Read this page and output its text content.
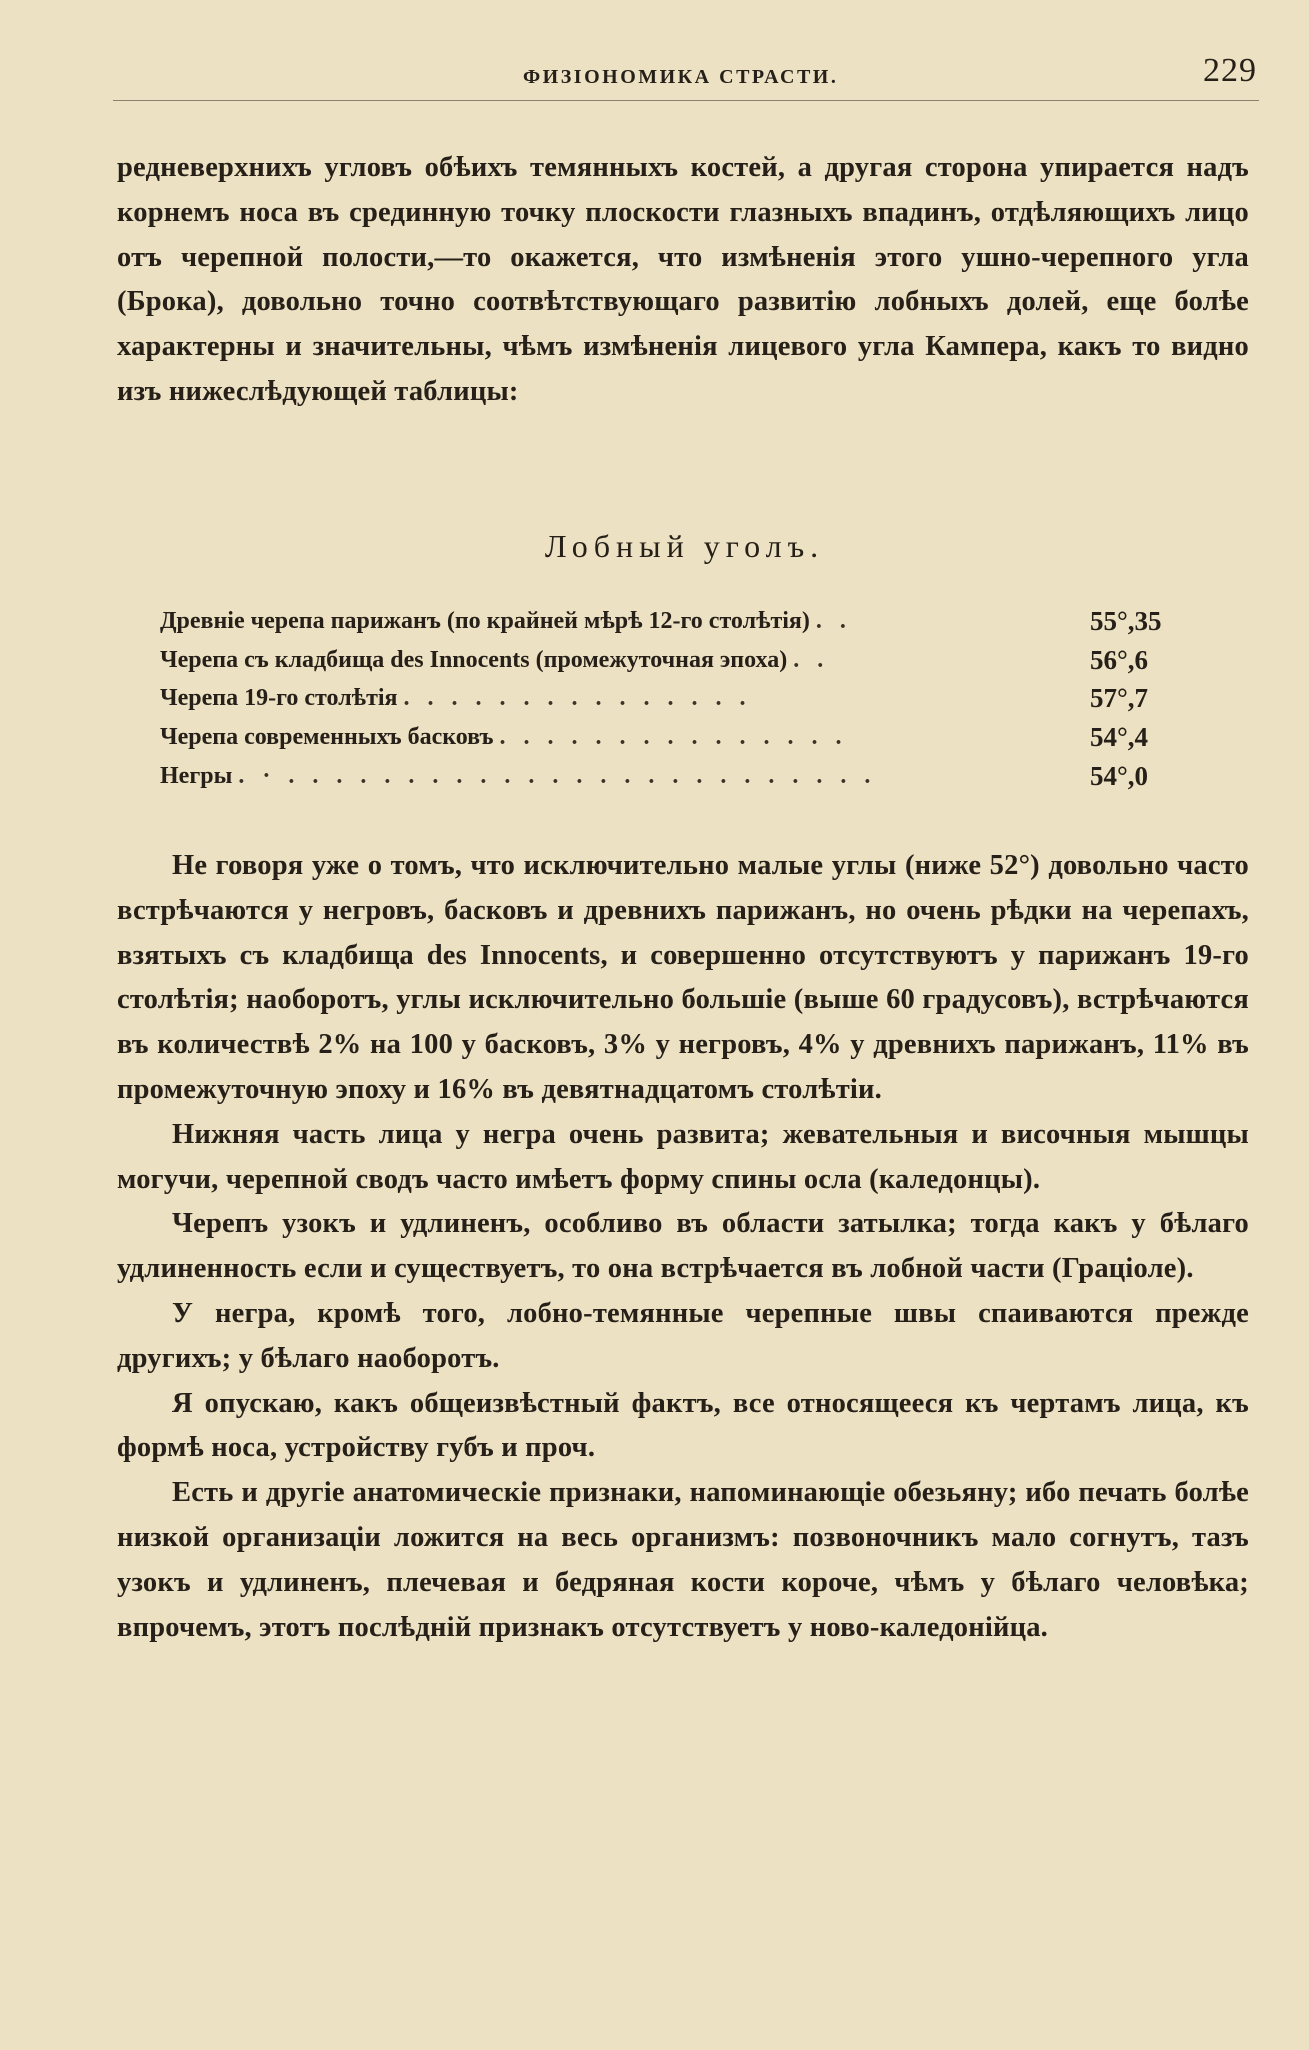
ФИЗІОНОМИКА СТРАСТИ.	229

редневерхнихъ угловъ обѣихъ темянныхъ костей, а другая сторона упирается надъ корнемъ носа въ срединную точку плоскости глазныхъ впадинъ, отдѣляющихъ лицо отъ черепной полости,—то окажется, что измѣненія этого ушно-черепного угла (Брока), довольно точно соотвѣтствующаго развитію лобныхъ долей, еще болѣе характерны и значительны, чѣмъ измѣненія лицевого угла Кампера, какъ то видно изъ нижеслѣдующей таблицы:

Лобный уголъ.
Древніе черепа парижанъ (по крайней мѣрѣ 12-го столѣтія) . .	55°,35
Черепа съ кладбища des Innocents (промежуточная эпоха) . .	56°,6
Черепа 19-го столѣтія . . . . . . . . . . . . . . .	57°,7
Черепа современныхъ басковъ . . . . . . . . . . . . . . .	54°,4
Негры . · . . . . . . . . . . . . . . . . . . . . . . . . .	54°,0

Не говоря уже о томъ, что исключительно малые углы (ниже 52°) довольно часто встрѣчаются у негровъ, басковъ и древнихъ парижанъ, но очень рѣдки на черепахъ, взятыхъ съ кладбища des Innocents, и совершенно отсутствуютъ у парижанъ 19-го столѣтія; наоборотъ, углы исключительно большіе (выше 60 градусовъ), встрѣчаются въ количествѣ 2% на 100 у басковъ, 3% у негровъ, 4% у древнихъ парижанъ, 11% въ промежуточную эпоху и 16% въ девятнадцатомъ столѣтіи.

Нижняя часть лица у негра очень развита; жевательныя и височныя мышцы могучи, черепной сводъ часто имѣетъ форму спины осла (каледонцы).

Черепъ узокъ и удлиненъ, особливо въ области затылка; тогда какъ у бѣлаго удлиненность если и существуетъ, то она встрѣчается въ лобной части (Граціоле).

У негра, кромѣ того, лобно-темянные черепные швы спаиваются прежде другихъ; у бѣлаго наоборотъ.

Я опускаю, какъ общеизвѣстный фактъ, все относящееся къ чертамъ лица, къ формѣ носа, устройству губъ и проч.

Есть и другіе анатомическіе признаки, напоминающіе обезьяну; ибо печать болѣе низкой организаціи ложится на весь организмъ: позвоночникъ мало согнутъ, тазъ узокъ и удлиненъ, плечевая и бедряная кости короче, чѣмъ у бѣлаго человѣка; впрочемъ, этотъ послѣдній признакъ отсутствуетъ у ново-каледонійца.
